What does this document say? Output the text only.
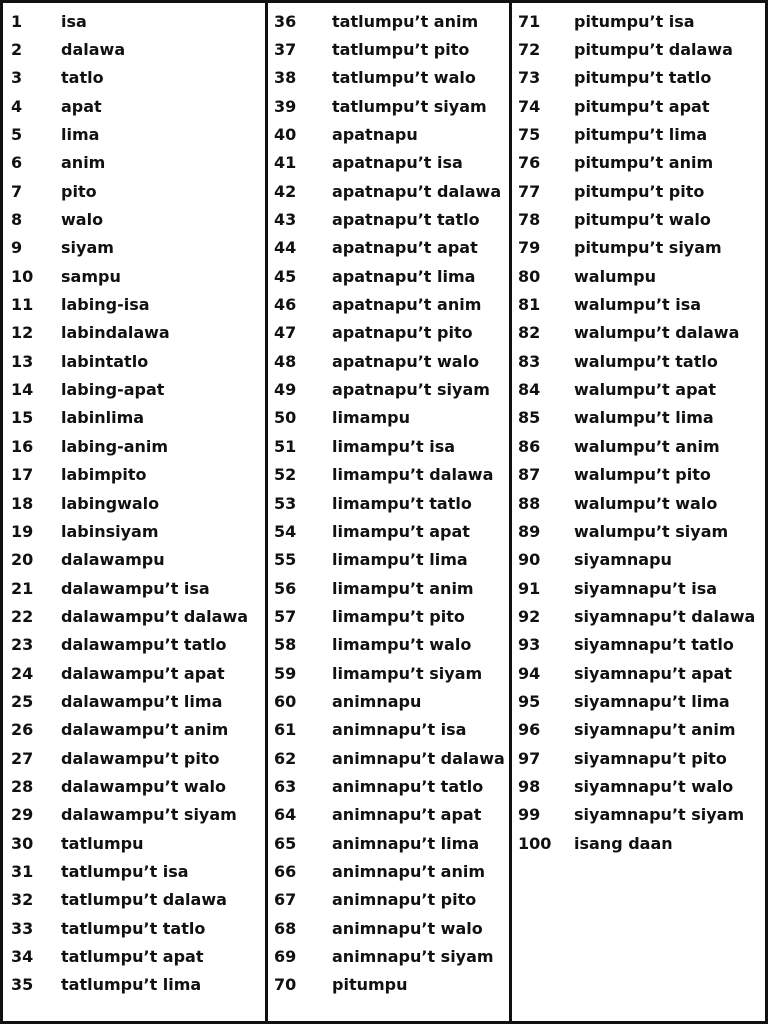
1	isa
2	dalawa
3	tatlo
4	apat
5	lima
6	anim
7	pito
8	walo
9	siyam
10	sampu
11	labing-isa
12	labindalawa
13	labintatlo
14	labing-apat
15	labinlima
16	labing-anim
17	labimpito
18	labingwalo
19	labinsiyam
20	dalawampu
21	dalawampu’t isa
22	dalawampu’t dalawa
23	dalawampu’t tatlo
24	dalawampu’t apat
25	dalawampu’t lima
26	dalawampu’t anim
27	dalawampu’t pito
28	dalawampu’t walo
29	dalawampu’t siyam
30	tatlumpu
31	tatlumpu’t isa
32	tatlumpu’t dalawa
33	tatlumpu’t tatlo
34	tatlumpu’t apat
35	tatlumpu’t lima
36	tatlumpu’t anim
37	tatlumpu’t pito
38	tatlumpu’t walo
39	tatlumpu’t siyam
40	apatnapu
41	apatnapu’t isa
42	apatnapu’t dalawa
43	apatnapu’t tatlo
44	apatnapu’t apat
45	apatnapu’t lima
46	apatnapu’t anim
47	apatnapu’t pito
48	apatnapu’t walo
49	apatnapu’t siyam
50	limampu
51	limampu’t isa
52	limampu’t dalawa
53	limampu’t tatlo
54	limampu’t apat
55	limampu’t lima
56	limampu’t anim
57	limampu’t pito
58	limampu’t walo
59	limampu’t siyam
60	animnapu
61	animnapu’t isa
62	animnapu’t dalawa
63	animnapu’t tatlo
64	animnapu’t apat
65	animnapu’t lima
66	animnapu’t anim
67	animnapu’t pito
68	animnapu’t walo
69	animnapu’t siyam
70	pitumpu
71	pitumpu’t isa
72	pitumpu’t dalawa
73	pitumpu’t tatlo
74	pitumpu’t apat
75	pitumpu’t lima
76	pitumpu’t anim
77	pitumpu’t pito
78	pitumpu’t walo
79	pitumpu’t siyam
80	walumpu
81	walumpu’t isa
82	walumpu’t dalawa
83	walumpu’t tatlo
84	walumpu’t apat
85	walumpu’t lima
86	walumpu’t anim
87	walumpu’t pito
88	walumpu’t walo
89	walumpu’t siyam
90	siyamnapu
91	siyamnapu’t isa
92	siyamnapu’t dalawa
93	siyamnapu’t tatlo
94	siyamnapu’t apat
95	siyamnapu’t lima
96	siyamnapu’t anim
97	siyamnapu’t pito
98	siyamnapu’t walo
99	siyamnapu’t siyam
100	isang daan
